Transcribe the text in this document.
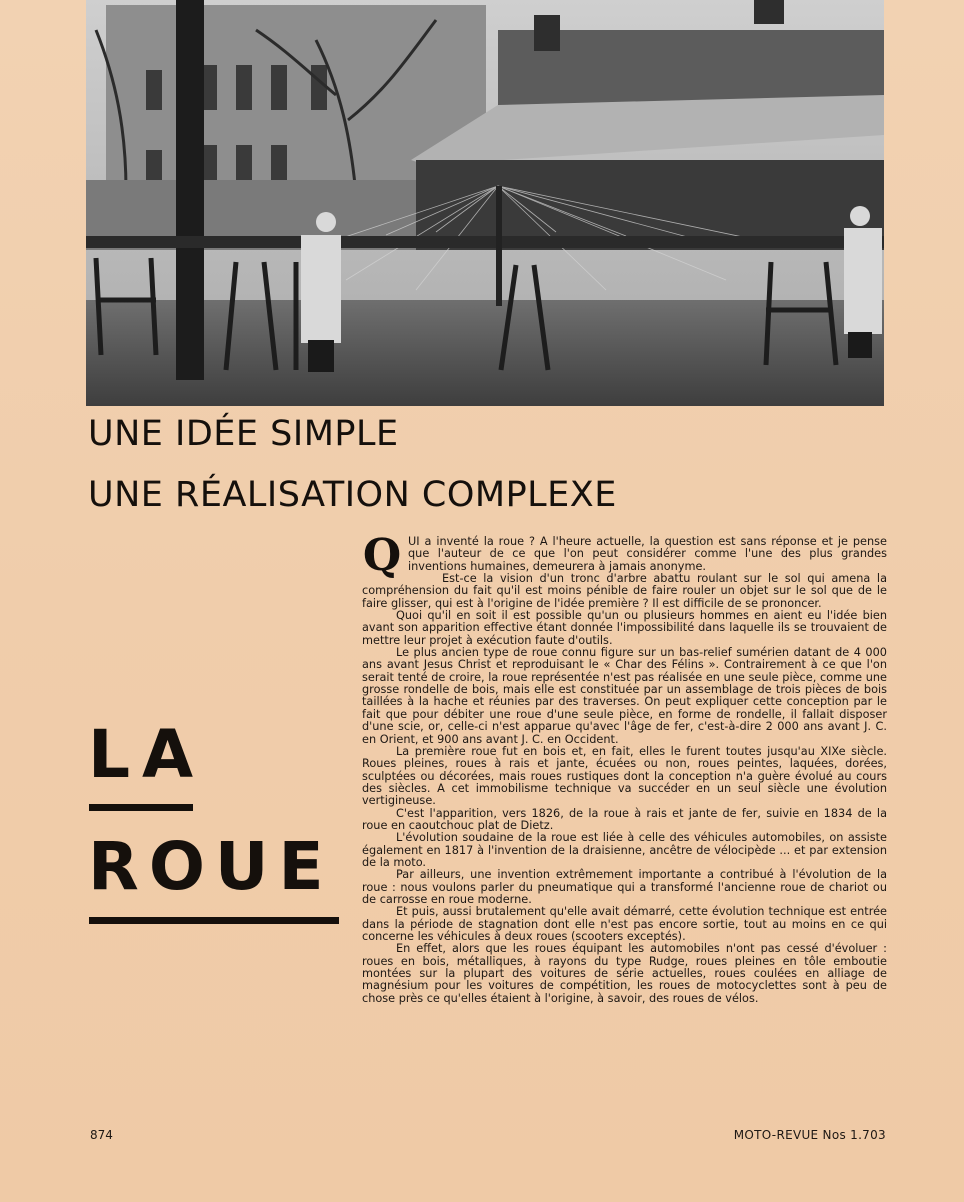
UNE IDÉE SIMPLE
UNE RÉALISATION COMPLEXE
LA
ROUE
Q UI a inventé la roue ? A l'heure actuelle, la question est sans réponse et je pense que l'auteur de ce que l'on peut considérer comme l'une des plus grandes inventions humaines, demeurera à jamais anonyme.

Est-ce la vision d'un tronc d'arbre abattu roulant sur le sol qui amena la compréhension du fait qu'il est moins pénible de faire rouler un objet sur le sol que de le faire glisser, qui est à l'origine de l'idée première ? Il est difficile de se prononcer.

Quoi qu'il en soit il est possible qu'un ou plusieurs hommes en aient eu l'idée bien avant son apparition effective étant donnée l'impossibilité dans laquelle ils se trouvaient de mettre leur projet à exécution faute d'outils.

Le plus ancien type de roue connu figure sur un bas-relief sumérien datant de 4 000 ans avant Jesus Christ et reproduisant le « Char des Félins ». Contrairement à ce que l'on serait tenté de croire, la roue représentée n'est pas réalisée en une seule pièce, comme une grosse rondelle de bois, mais elle est constituée par un assemblage de trois pièces de bois taillées à la hache et réunies par des traverses. On peut expliquer cette conception par le fait que pour débiter une roue d'une seule pièce, en forme de rondelle, il fallait disposer d'une scie, or, celle-ci n'est apparue qu'avec l'âge de fer, c'est-à-dire 2 000 ans avant J. C. en Orient, et 900 ans avant J. C. en Occident.

La première roue fut en bois et, en fait, elles le furent toutes jusqu'au XIXe siècle. Roues pleines, roues à rais et jante, écuées ou non, roues peintes, laquées, dorées, sculptées ou décorées, mais roues rustiques dont la conception n'a guère évolué au cours des siècles. A cet immobilisme technique va succéder en un seul siècle une évolution vertigineuse.

C'est l'apparition, vers 1826, de la roue à rais et jante de fer, suivie en 1834 de la roue en caoutchouc plat de Dietz.

L'évolution soudaine de la roue est liée à celle des véhicules automobiles, on assiste également en 1817 à l'invention de la draisienne, ancêtre de vélocipède ... et par extension de la moto.

Par ailleurs, une invention extrêmement importante a contribué à l'évolution de la roue : nous voulons parler du pneumatique qui a transformé l'ancienne roue de chariot ou de carrosse en roue moderne.

Et puis, aussi brutalement qu'elle avait démarré, cette évolution technique est entrée dans la période de stagnation dont elle n'est pas encore sortie, tout au moins en ce qui concerne les véhicules à deux roues (scooters exceptés).

En effet, alors que les roues équipant les automobiles n'ont pas cessé d'évoluer : roues en bois, métalliques, à rayons du type Rudge, roues pleines en tôle emboutie montées sur la plupart des voitures de série actuelles, roues coulées en alliage de magnésium pour les voitures de compétition, les roues de motocyclettes sont à peu de chose près ce qu'elles étaient à l'origine, à savoir, des roues de vélos.

874	MOTO-REVUE Nos 1.703
